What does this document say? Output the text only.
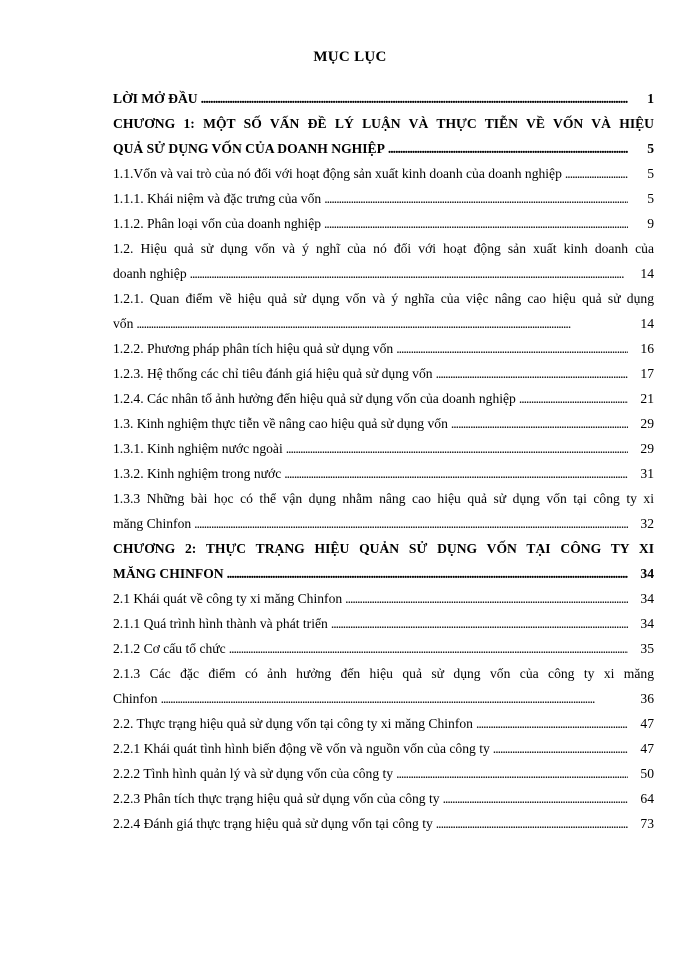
MỤC LỤC
LỜI MỞ ĐẦU . . .	1
CHƯƠNG 1: MỘT SỐ VẤN ĐỀ LÝ LUẬN VÀ THỰC TIỄN VỀ VỐN VÀ HIỆU
QUẢ SỬ DỤNG VỐN CỦA DOANH NGHIỆP . . .	5
1.1.Vốn và vai trò của nó đối với hoạt động sản xuất kinh doanh của doanh nghiệp . . .	5
1.1.1. Khái niệm và đặc trưng của vốn . . .	5
1.1.2. Phân loại vốn của doanh nghiệp . . .	9
1.2. Hiệu quả sử dụng vốn và ý nghĩ của nó đối với hoạt động sản xuất kinh doanh của
doanh nghiệp . . .	14
1.2.1. Quan điểm về hiệu quả sử dụng vốn và ý nghĩa của việc nâng cao hiệu quả sử dụng
vốn . . .	14
1.2.2. Phương pháp phân tích hiệu quả sử dụng vốn . . .	16
1.2.3. Hệ thống các chỉ tiêu đánh giá hiệu quả sử dụng vốn . . .	17
1.2.4. Các nhân tố ảnh hưởng đến hiệu quả sử dụng vốn của doanh nghiệp . . .	21
1.3. Kinh nghiệm thực tiễn về nâng cao hiệu quả sử dụng vốn . . .	29
1.3.1. Kinh nghiệm nước ngoài . . .	29
1.3.2. Kinh nghiệm trong nước . . .	31
1.3.3 Những bài học có thể vận dụng nhằm nâng cao hiệu quả sử dụng vốn tại công ty xi
măng Chinfon . . .	32
CHƯƠNG 2: THỰC TRẠNG HIỆU QUẢN SỬ DỤNG VỐN TẠI CÔNG TY XI
MĂNG CHINFON . . .	34
2.1 Khái quát về công ty xi măng Chinfon . . .	34
2.1.1 Quá trình hình thành và phát triển . . .	34
2.1.2 Cơ cấu tổ chức . . .	35
2.1.3 Các đặc điểm có ảnh hưởng đến hiệu quả sử dụng vốn của công ty xi măng
Chinfon . . .	36
2.2. Thực trạng hiệu quả sử dụng vốn tại công ty xi măng Chinfon . . .	47
2.2.1 Khái quát tình hình biến động về vốn và nguồn vốn của công ty . . .	47
2.2.2 Tình hình quản lý và sử dụng vốn của công ty . . .	50
2.2.3 Phân tích thực trạng hiệu quả sử dụng vốn của công ty . . .	64
2.2.4 Đánh giá thực trạng hiệu quả sử dụng vốn tại công ty . . .	73
